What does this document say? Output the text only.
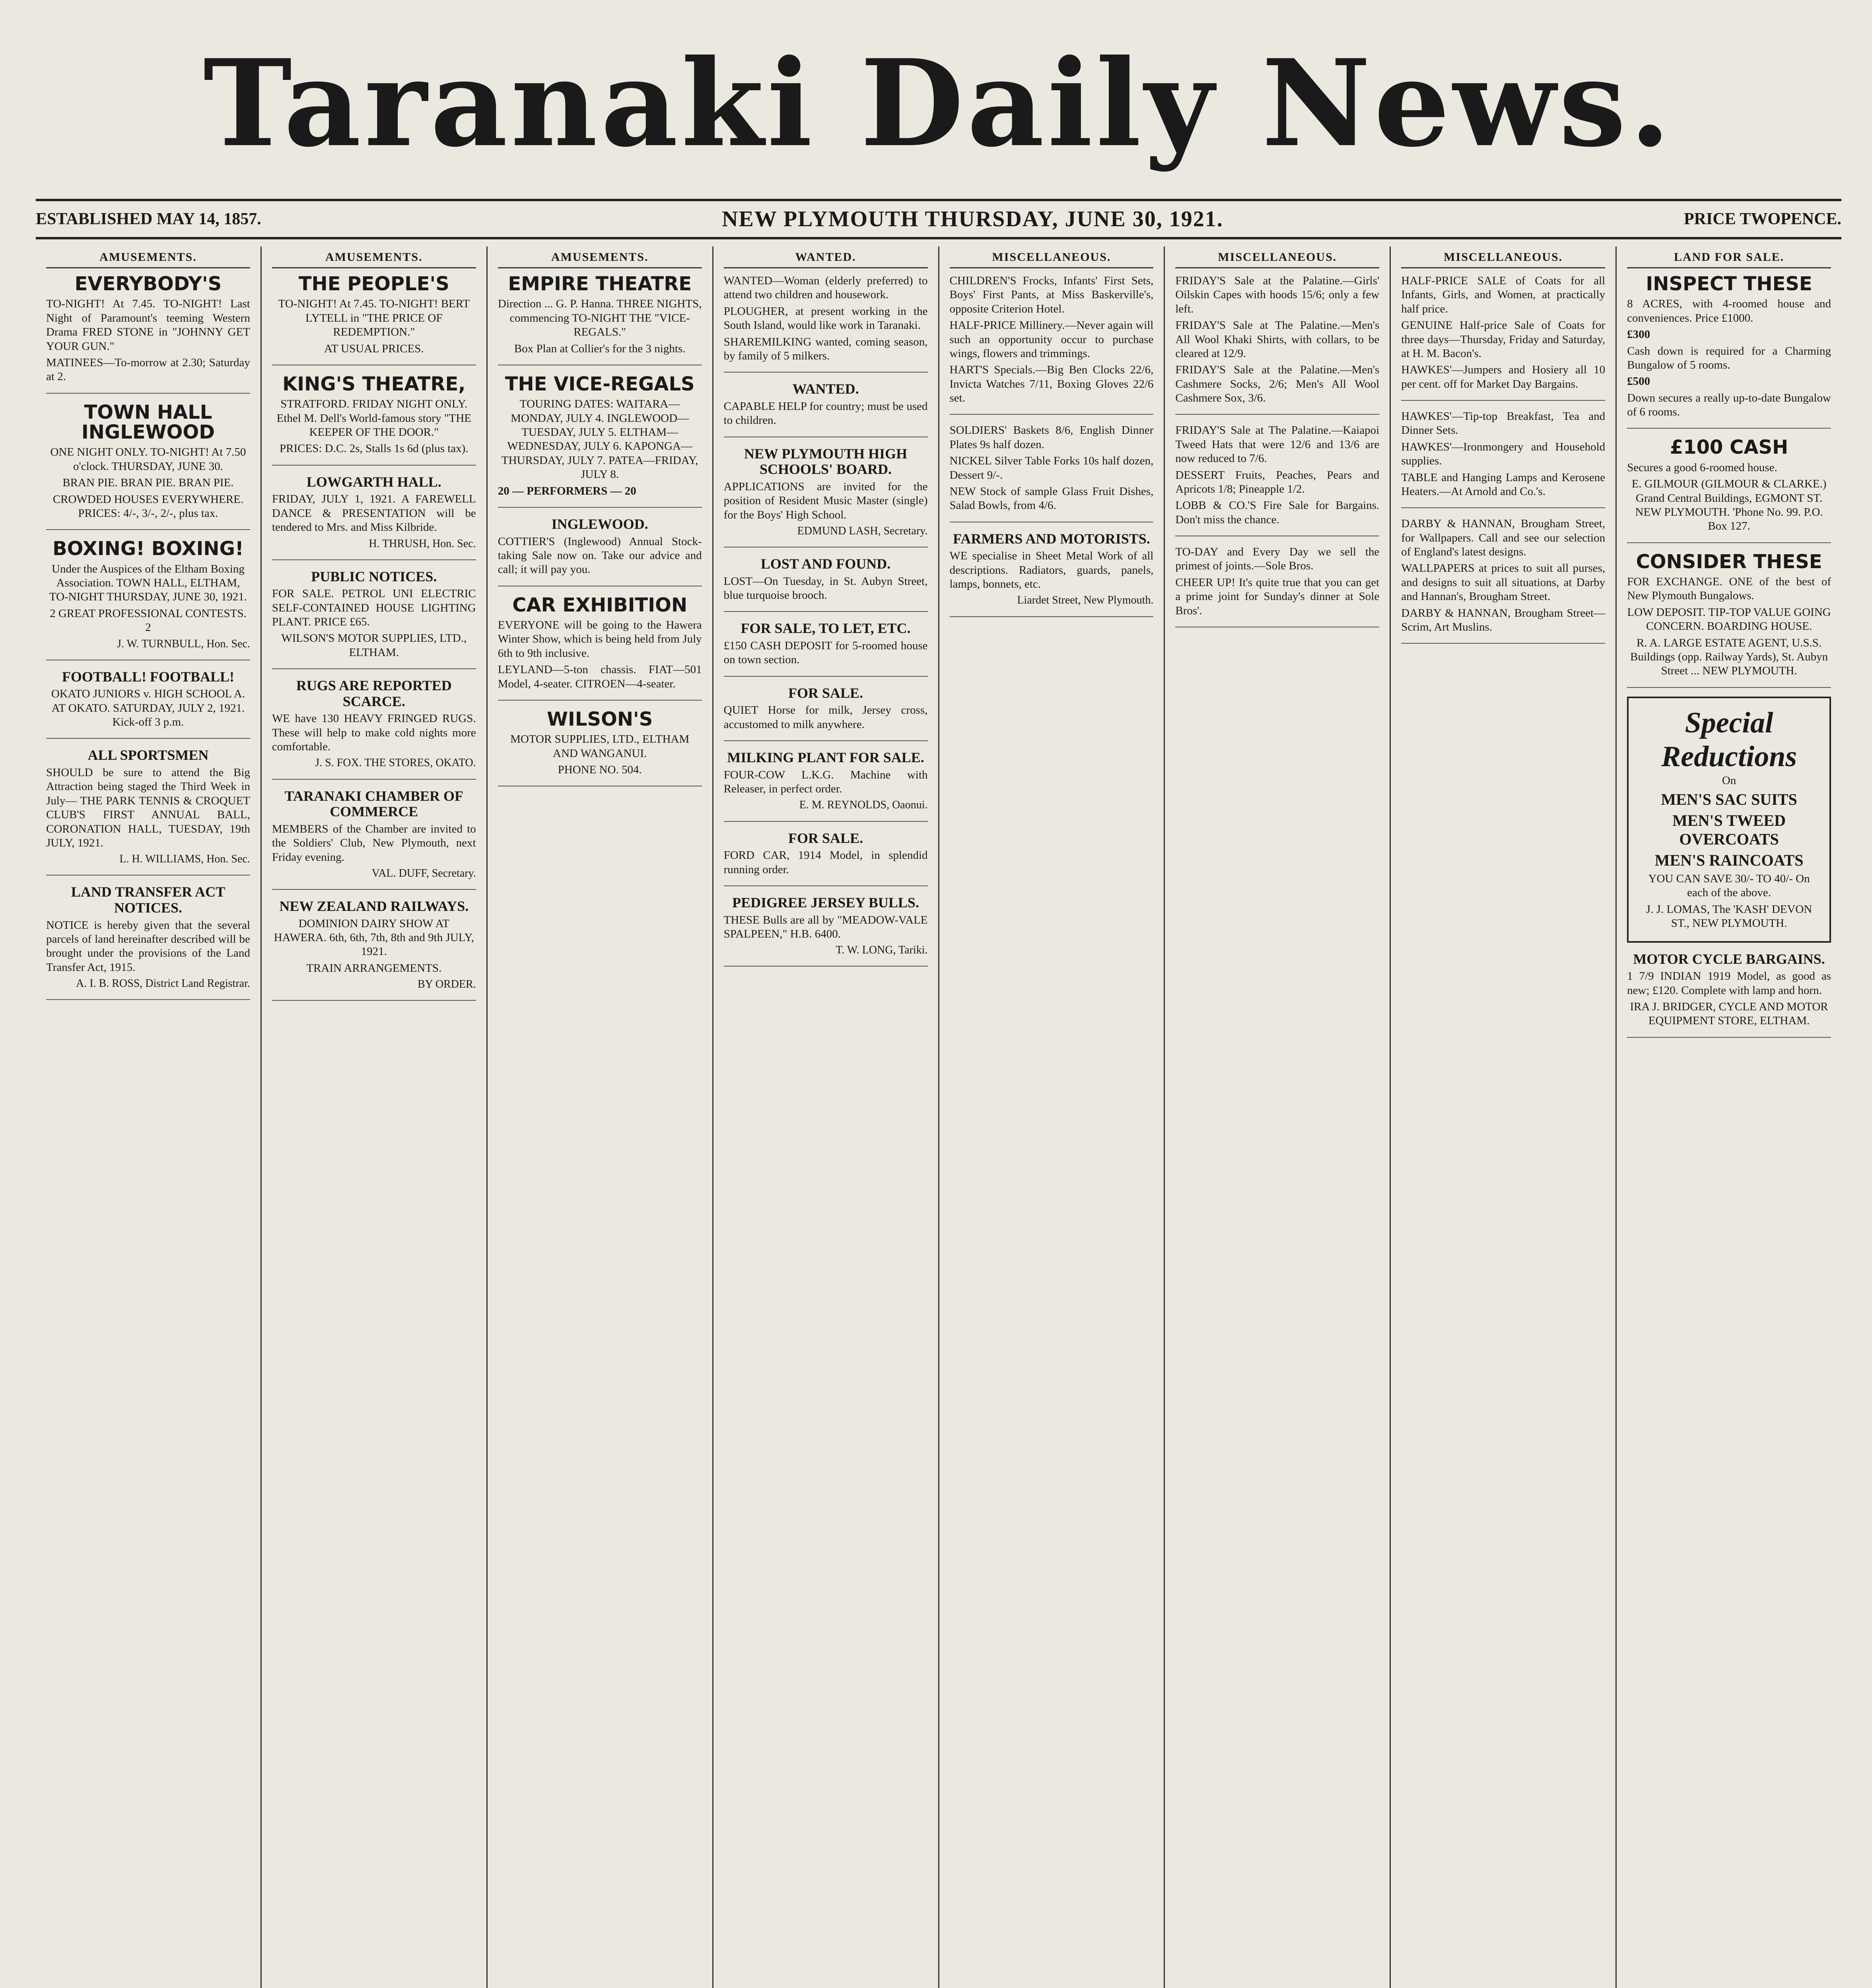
Taranaki Daily News.
ESTABLISHED MAY 14, 1857.	NEW PLYMOUTH THURSDAY, JUNE 30, 1921.	PRICE TWOPENCE.
AMUSEMENTS.
EVERYBODY'S

TO-NIGHT! At 7.45. TO-NIGHT! Last Night of Paramount's teeming Western Drama FRED STONE in "JOHNNY GET YOUR GUN."

MATINEES—To-morrow at 2.30; Saturday at 2.

TOWN HALL INGLEWOOD

ONE NIGHT ONLY. TO-NIGHT! At 7.50 o'clock. THURSDAY, JUNE 30.

BRAN PIE. BRAN PIE. BRAN PIE.

CROWDED HOUSES EVERYWHERE. PRICES: 4/-, 3/-, 2/-, plus tax.

BOXING! BOXING!

Under the Auspices of the Eltham Boxing Association. TOWN HALL, ELTHAM, TO-NIGHT THURSDAY, JUNE 30, 1921.

2 GREAT PROFESSIONAL CONTESTS. 2

J. W. TURNBULL, Hon. Sec.

FOOTBALL! FOOTBALL!

OKATO JUNIORS v. HIGH SCHOOL A. AT OKATO. SATURDAY, JULY 2, 1921. Kick-off 3 p.m.

ALL SPORTSMEN

SHOULD be sure to attend the Big Attraction being staged the Third Week in July— THE PARK TENNIS & CROQUET CLUB'S FIRST ANNUAL BALL, CORONATION HALL, TUESDAY, 19th JULY, 1921.

L. H. WILLIAMS, Hon. Sec.

LAND TRANSFER ACT NOTICES.

NOTICE is hereby given that the several parcels of land hereinafter described will be brought under the provisions of the Land Transfer Act, 1915.

A. I. B. ROSS, District Land Registrar.

AMUSEMENTS.
THE PEOPLE'S

TO-NIGHT! At 7.45. TO-NIGHT! BERT LYTELL in "THE PRICE OF REDEMPTION."

AT USUAL PRICES.

KING'S THEATRE,

STRATFORD. FRIDAY NIGHT ONLY. Ethel M. Dell's World-famous story "THE KEEPER OF THE DOOR."

PRICES: D.C. 2s, Stalls 1s 6d (plus tax).

LOWGARTH HALL.

FRIDAY, JULY 1, 1921. A FAREWELL DANCE & PRESENTATION will be tendered to Mrs. and Miss Kilbride.

H. THRUSH, Hon. Sec.

PUBLIC NOTICES.

FOR SALE. PETROL UNI ELECTRIC SELF-CONTAINED HOUSE LIGHTING PLANT. PRICE £65.

WILSON'S MOTOR SUPPLIES, LTD., ELTHAM.

RUGS ARE REPORTED SCARCE.

WE have 130 HEAVY FRINGED RUGS. These will help to make cold nights more comfortable.

J. S. FOX. THE STORES, OKATO.

TARANAKI CHAMBER OF COMMERCE

MEMBERS of the Chamber are invited to the Soldiers' Club, New Plymouth, next Friday evening.

VAL. DUFF, Secretary.

NEW ZEALAND RAILWAYS.

DOMINION DAIRY SHOW AT HAWERA. 6th, 6th, 7th, 8th and 9th JULY, 1921.

TRAIN ARRANGEMENTS.

BY ORDER.

AMUSEMENTS.
EMPIRE THEATRE

Direction ... G. P. Hanna. THREE NIGHTS, commencing TO-NIGHT THE "VICE-REGALS."

Box Plan at Collier's for the 3 nights.

THE VICE-REGALS

TOURING DATES: WAITARA—MONDAY, JULY 4. INGLEWOOD—TUESDAY, JULY 5. ELTHAM—WEDNESDAY, JULY 6. KAPONGA—THURSDAY, JULY 7. PATEA—FRIDAY, JULY 8.

20 — PERFORMERS — 20

INGLEWOOD.

COTTIER'S (Inglewood) Annual Stock-taking Sale now on. Take our advice and call; it will pay you.

CAR EXHIBITION

EVERYONE will be going to the Hawera Winter Show, which is being held from July 6th to 9th inclusive.

LEYLAND—5-ton chassis. FIAT—501 Model, 4-seater. CITROEN—4-seater.

WILSON'S

MOTOR SUPPLIES, LTD., ELTHAM AND WANGANUI.

PHONE NO. 504.

WANTED.

WANTED—Woman (elderly preferred) to attend two children and housework.

PLOUGHER, at present working in the South Island, would like work in Taranaki.

SHAREMILKING wanted, coming season, by family of 5 milkers.

WANTED.

CAPABLE HELP for country; must be used to children.

NEW PLYMOUTH HIGH SCHOOLS' BOARD.

APPLICATIONS are invited for the position of Resident Music Master (single) for the Boys' High School.

EDMUND LASH, Secretary.

LOST AND FOUND.

LOST—On Tuesday, in St. Aubyn Street, blue turquoise brooch.

FOR SALE, TO LET, ETC.

£150 CASH DEPOSIT for 5-roomed house on town section.

FOR SALE.

QUIET Horse for milk, Jersey cross, accustomed to milk anywhere.

MILKING PLANT FOR SALE.

FOUR-COW L.K.G. Machine with Releaser, in perfect order.

E. M. REYNOLDS, Oaonui.

FOR SALE.

FORD CAR, 1914 Model, in splendid running order.

PEDIGREE JERSEY BULLS.

THESE Bulls are all by "MEADOW-VALE SPALPEEN," H.B. 6400.

T. W. LONG, Tariki.

MISCELLANEOUS.

CHILDREN'S Frocks, Infants' First Sets, Boys' First Pants, at Miss Baskerville's, opposite Criterion Hotel.

HALF-PRICE Millinery.—Never again will such an opportunity occur to purchase wings, flowers and trimmings.

HART'S Specials.—Big Ben Clocks 22/6, Invicta Watches 7/11, Boxing Gloves 22/6 set.

SOLDIERS' Baskets 8/6, English Dinner Plates 9s half dozen.

NICKEL Silver Table Forks 10s half dozen, Dessert 9/-.

NEW Stock of sample Glass Fruit Dishes, Salad Bowls, from 4/6.

FARMERS AND MOTORISTS.

WE specialise in Sheet Metal Work of all descriptions. Radiators, guards, panels, lamps, bonnets, etc.

Liardet Street, New Plymouth.

MISCELLANEOUS.

FRIDAY'S Sale at the Palatine.—Girls' Oilskin Capes with hoods 15/6; only a few left.

FRIDAY'S Sale at The Palatine.—Men's All Wool Khaki Shirts, with collars, to be cleared at 12/9.

FRIDAY'S Sale at the Palatine.—Men's Cashmere Socks, 2/6; Men's All Wool Cashmere Sox, 3/6.

FRIDAY'S Sale at The Palatine.—Kaiapoi Tweed Hats that were 12/6 and 13/6 are now reduced to 7/6.

DESSERT Fruits, Peaches, Pears and Apricots 1/8; Pineapple 1/2.

LOBB & CO.'S Fire Sale for Bargains. Don't miss the chance.

TO-DAY and Every Day we sell the primest of joints.—Sole Bros.

CHEER UP! It's quite true that you can get a prime joint for Sunday's dinner at Sole Bros'.

MISCELLANEOUS.

HALF-PRICE SALE of Coats for all Infants, Girls, and Women, at practically half price.

GENUINE Half-price Sale of Coats for three days—Thursday, Friday and Saturday, at H. M. Bacon's.

HAWKES'—Jumpers and Hosiery all 10 per cent. off for Market Day Bargains.

HAWKES'—Tip-top Breakfast, Tea and Dinner Sets.

HAWKES'—Ironmongery and Household supplies.

TABLE and Hanging Lamps and Kerosene Heaters.—At Arnold and Co.'s.

DARBY & HANNAN, Brougham Street, for Wallpapers. Call and see our selection of England's latest designs.

WALLPAPERS at prices to suit all purses, and designs to suit all situations, at Darby and Hannan's, Brougham Street.

DARBY & HANNAN, Brougham Street—Scrim, Art Muslins.

LAND FOR SALE.
INSPECT THESE

8 ACRES, with 4-roomed house and conveniences. Price £1000.

£300

Cash down is required for a Charming Bungalow of 5 rooms.

£500

Down secures a really up-to-date Bungalow of 6 rooms.

£100 CASH

Secures a good 6-roomed house.

E. GILMOUR (GILMOUR & CLARKE.) Grand Central Buildings, EGMONT ST. NEW PLYMOUTH. 'Phone No. 99. P.O. Box 127.

CONSIDER THESE

FOR EXCHANGE. ONE of the best of New Plymouth Bungalows.

LOW DEPOSIT. TIP-TOP VALUE GOING CONCERN. BOARDING HOUSE.

R. A. LARGE ESTATE AGENT, U.S.S. Buildings (opp. Railway Yards), St. Aubyn Street ... NEW PLYMOUTH.

Special Reductions

On

MEN'S SAC SUITS
MEN'S TWEED OVERCOATS
MEN'S RAINCOATS

YOU CAN SAVE 30/- TO 40/- On each of the above.

J. J. LOMAS, The 'KASH' DEVON ST., NEW PLYMOUTH.

MOTOR CYCLE BARGAINS.

1 7/9 INDIAN 1919 Model, as good as new; £120. Complete with lamp and horn.

IRA J. BRIDGER, CYCLE AND MOTOR EQUIPMENT STORE, ELTHAM.
